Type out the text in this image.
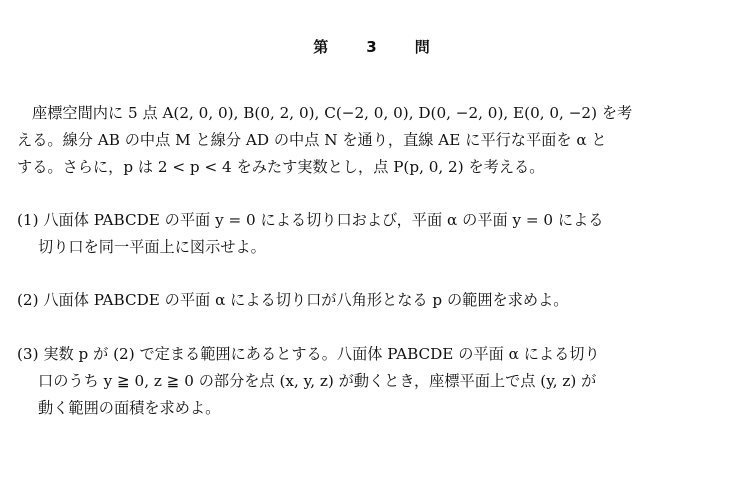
第	3	問
座標空間内に 5 点 A(2, 0, 0), B(0, 2, 0), C(−2, 0, 0), D(0, −2, 0), E(0, 0, −2) を考
える。線分 AB の中点 M と線分 AD の中点 N を通り，直線 AE に平行な平面を α と
する。さらに，p は 2 < p < 4 をみたす実数とし，点 P(p, 0, 2) を考える。
(1) 八面体 PABCDE の平面 y = 0 による切り口および，平面 α の平面 y = 0 による
切り口を同一平面上に図示せよ。
(2) 八面体 PABCDE の平面 α による切り口が八角形となる p の範囲を求めよ。
(3) 実数 p が (2) で定まる範囲にあるとする。八面体 PABCDE の平面 α による切り
口のうち y ≧ 0, z ≧ 0 の部分を点 (x, y, z) が動くとき，座標平面上で点 (y, z) が
動く範囲の面積を求めよ。
